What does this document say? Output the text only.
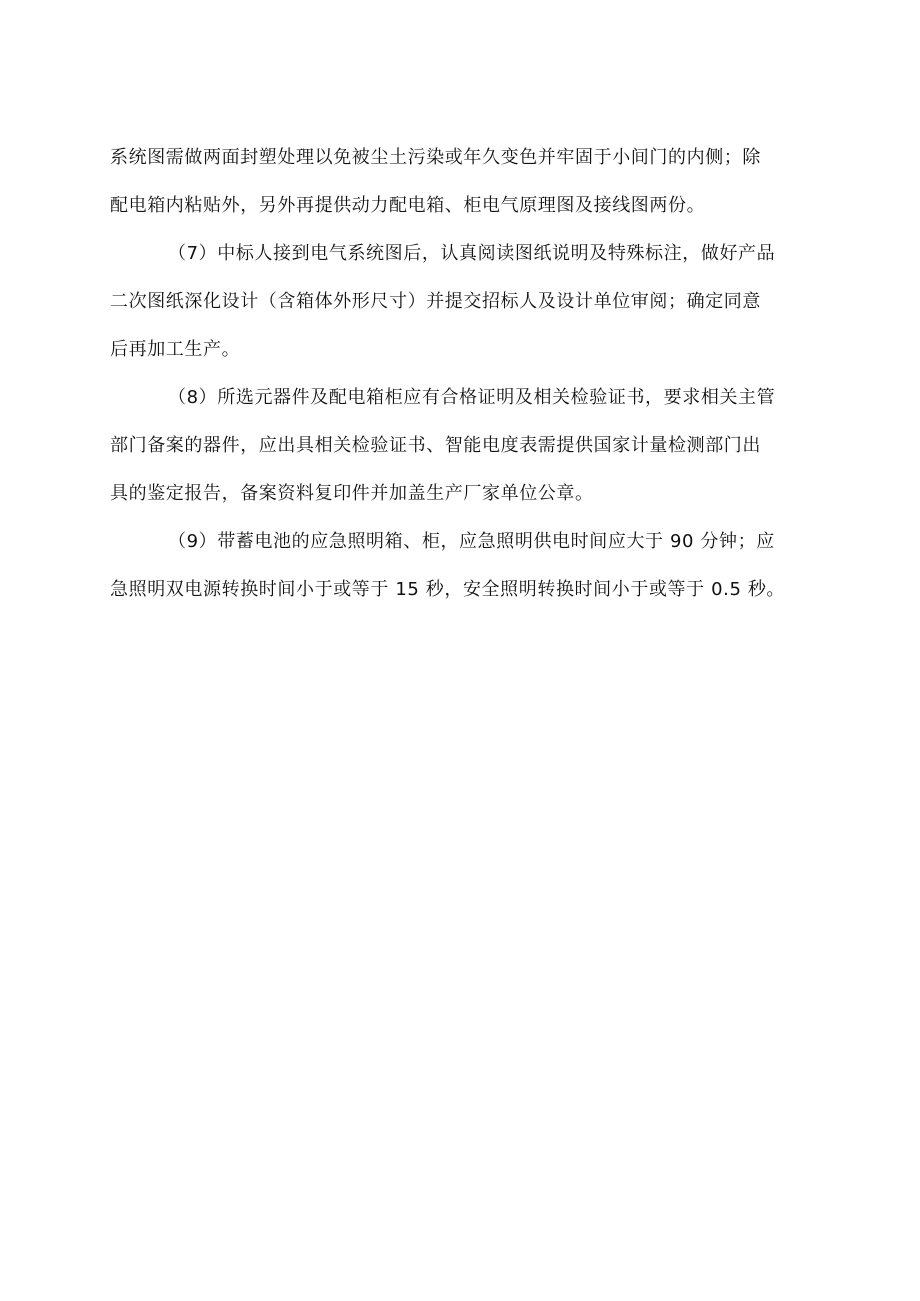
系统图需做两面封塑处理以免被尘土污染或年久变色并牢固于小间门的内侧；除
配电箱内粘贴外，另外再提供动力配电箱、柜电气原理图及接线图两份。
（7）中标人接到电气系统图后，认真阅读图纸说明及特殊标注，做好产品
二次图纸深化设计（含箱体外形尺寸）并提交招标人及设计单位审阅；确定同意
后再加工生产。
（8）所选元器件及配电箱柜应有合格证明及相关检验证书，要求相关主管
部门备案的器件，应出具相关检验证书、智能电度表需提供国家计量检测部门出
具的鉴定报告，备案资料复印件并加盖生产厂家单位公章。
（9）带蓄电池的应急照明箱、柜，应急照明供电时间应大于 90 分钟；应
急照明双电源转换时间小于或等于 15 秒，安全照明转换时间小于或等于 0.5 秒。
